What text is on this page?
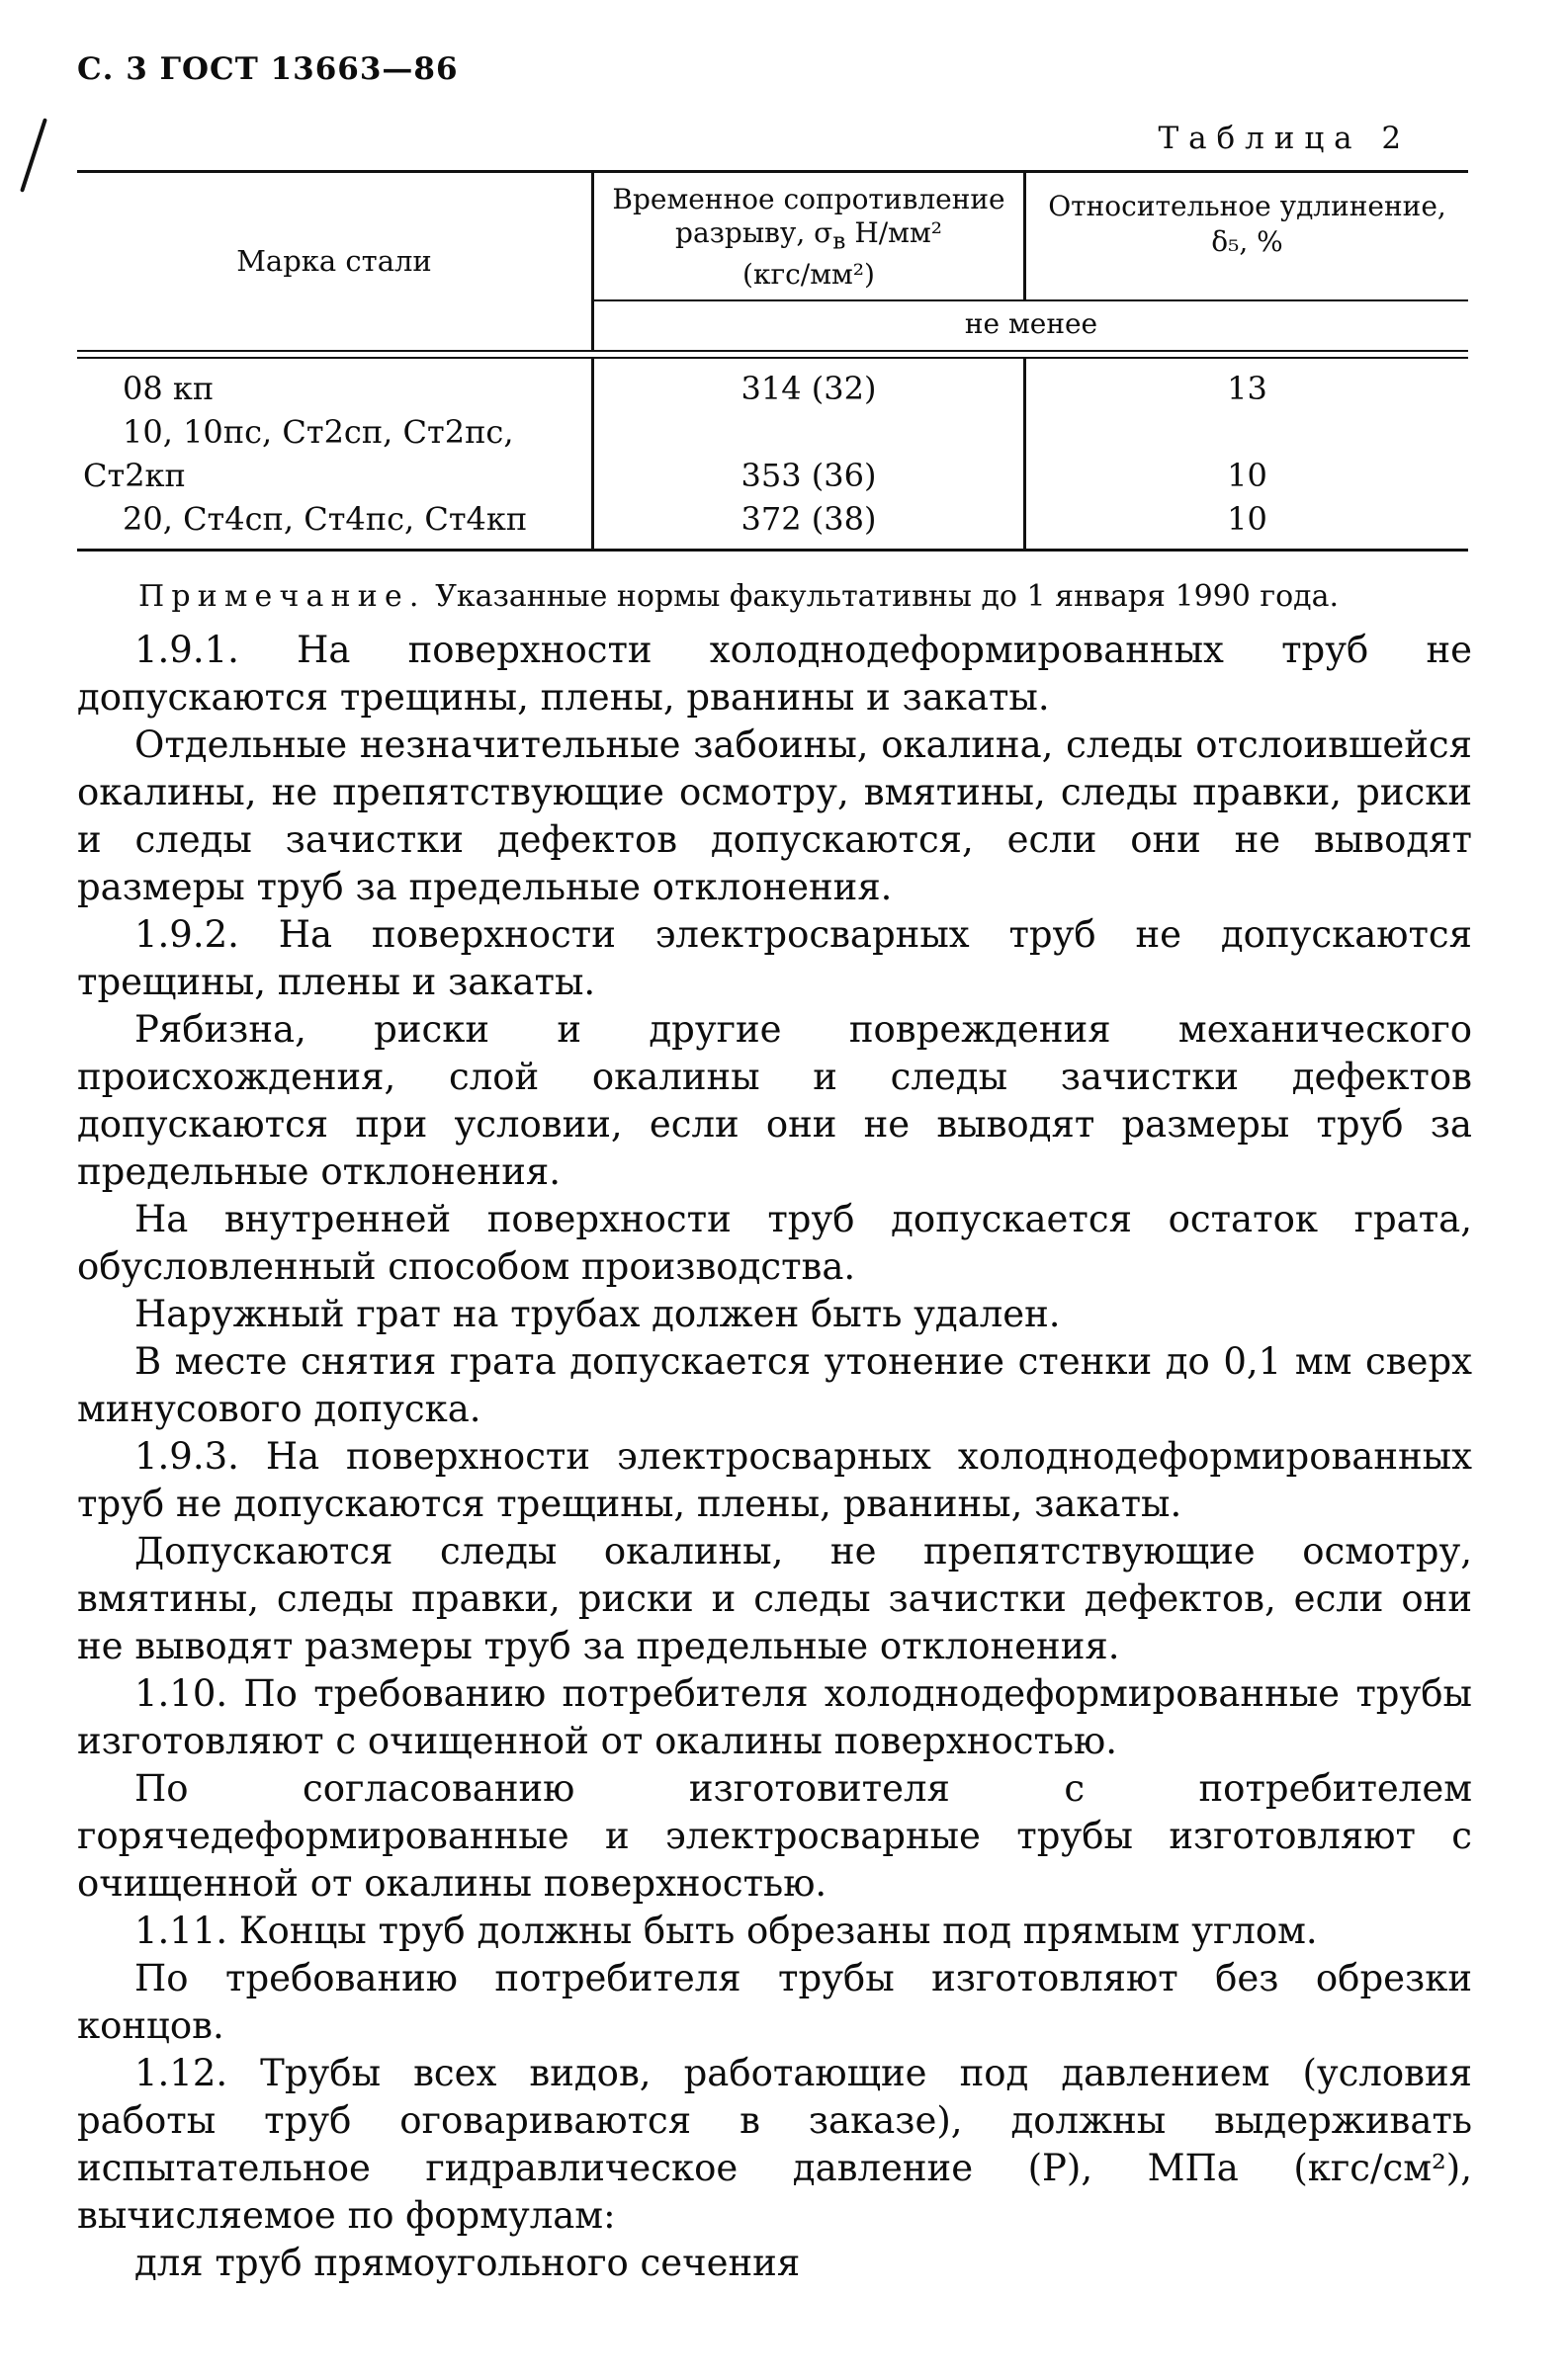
С. 3 ГОСТ 13663—86
Таблица 2
Марка стали
Временное сопротивление
разрыву, $\sigma_в$ Н/мм²
(кгс/мм²)
Относительное удлинение,
δ₅, %
не менее
08 кп	314 (32)	13
10, 10пс, Ст2сп, Ст2пс,
Ст2кп	353 (36)	10
20, Ст4сп, Ст4пс, Ст4кп	372 (38)	10
Примечание. Указанные нормы факультативны до 1 января 1990 года.

1.9.1. На поверхности холоднодеформированных труб не допускаются трещины, плены, рванины и закаты.

Отдельные незначительные забоины, окалина, следы отслоившейся окалины, не препятствующие осмотру, вмятины, следы правки, риски и следы зачистки дефектов допускаются, если они не выводят размеры труб за предельные отклонения.

1.9.2. На поверхности электросварных труб не допускаются трещины, плены и закаты.

Рябизна, риски и другие повреждения механического происхождения, слой окалины и следы зачистки дефектов допускаются при условии, если они не выводят размеры труб за предельные отклонения.

На внутренней поверхности труб допускается остаток грата, обусловленный способом производства.

Наружный грат на трубах должен быть удален.

В месте снятия грата допускается утонение стенки до 0,1 мм сверх минусового допуска.

1.9.3. На поверхности электросварных холоднодеформированных труб не допускаются трещины, плены, рванины, закаты.

Допускаются следы окалины, не препятствующие осмотру, вмятины, следы правки, риски и следы зачистки дефектов, если они не выводят размеры труб за предельные отклонения.

1.10. По требованию потребителя холоднодеформированные трубы изготовляют с очищенной от окалины поверхностью.

По согласованию изготовителя с потребителем горячедеформированные и электросварные трубы изготовляют с очищенной от окалины поверхностью.

1.11. Концы труб должны быть обрезаны под прямым углом.

По требованию потребителя трубы изготовляют без обрезки концов.

1.12. Трубы всех видов, работающие под давлением (условия работы труб оговариваются в заказе), должны выдерживать испытательное гидравлическое давление (Р), МПа (кгс/см²), вычисляемое по формулам:

для труб прямоугольного сечения
